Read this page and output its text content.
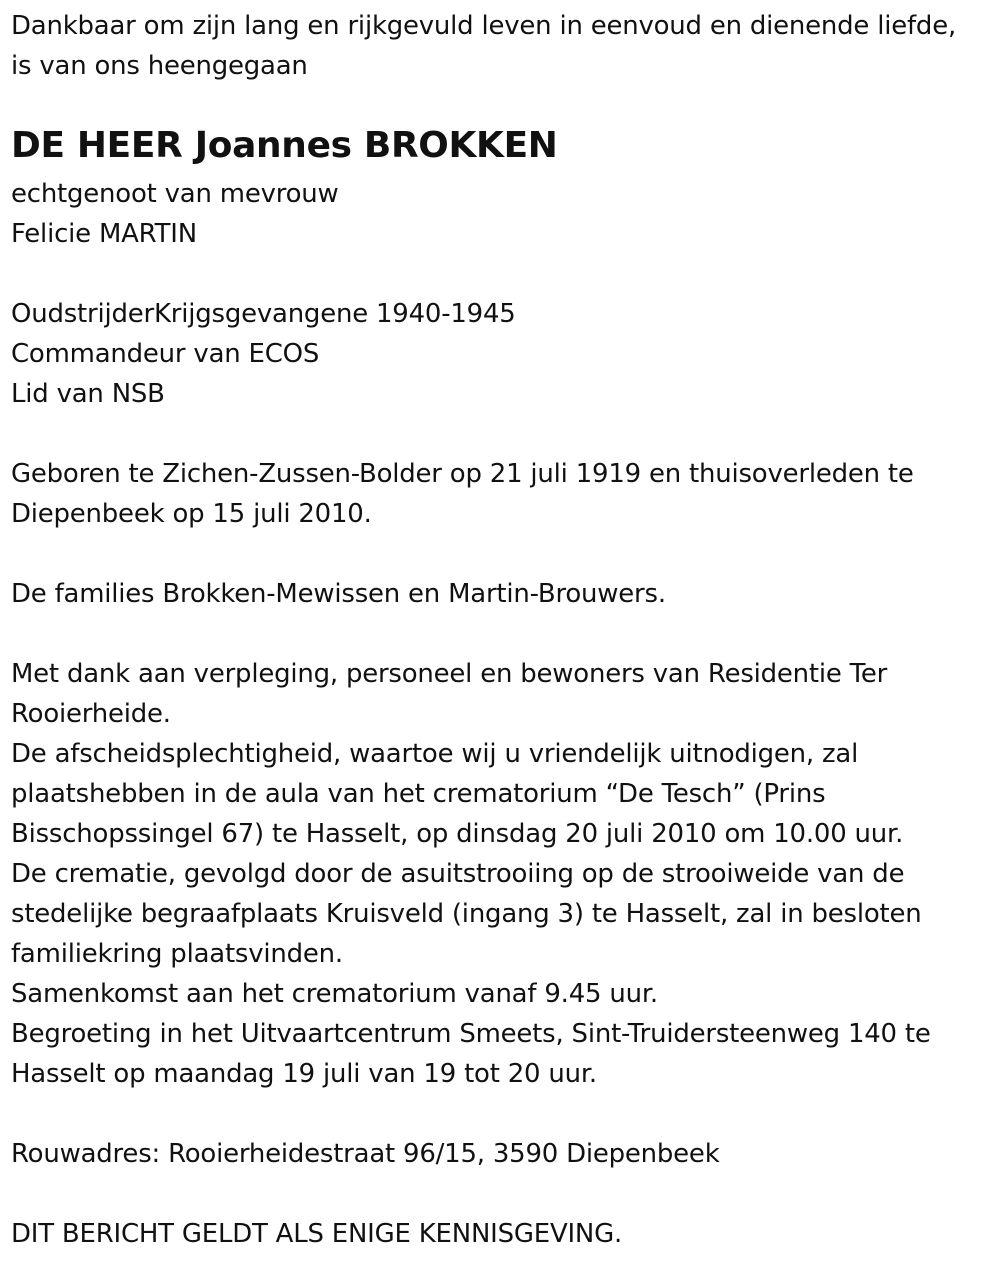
Dankbaar om zijn lang en rijkgevuld leven in eenvoud en dienende liefde,
is van ons heengegaan
DE HEER Joannes BROKKEN
echtgenoot van mevrouw
Felicie MARTIN
OudstrijderKrijgsgevangene 1940-1945
Commandeur van ECOS
Lid van NSB
Geboren te Zichen-Zussen-Bolder op 21 juli 1919 en thuisoverleden te
Diepenbeek op 15 juli 2010.
De families Brokken-Mewissen en Martin-Brouwers.
Met dank aan verpleging, personeel en bewoners van Residentie Ter
Rooierheide.
De afscheidsplechtigheid, waartoe wij u vriendelijk uitnodigen, zal
plaatshebben in de aula van het crematorium “De Tesch” (Prins
Bisschopssingel 67) te Hasselt, op dinsdag 20 juli 2010 om 10.00 uur.
De crematie, gevolgd door de asuitstrooiing op de strooiweide van de
stedelijke begraafplaats Kruisveld (ingang 3) te Hasselt, zal in besloten
familiekring plaatsvinden.
Samenkomst aan het crematorium vanaf 9.45 uur.
Begroeting in het Uitvaartcentrum Smeets, Sint-Truidersteenweg 140 te
Hasselt op maandag 19 juli van 19 tot 20 uur.
Rouwadres: Rooierheidestraat 96/15, 3590 Diepenbeek
DIT BERICHT GELDT ALS ENIGE KENNISGEVING.
